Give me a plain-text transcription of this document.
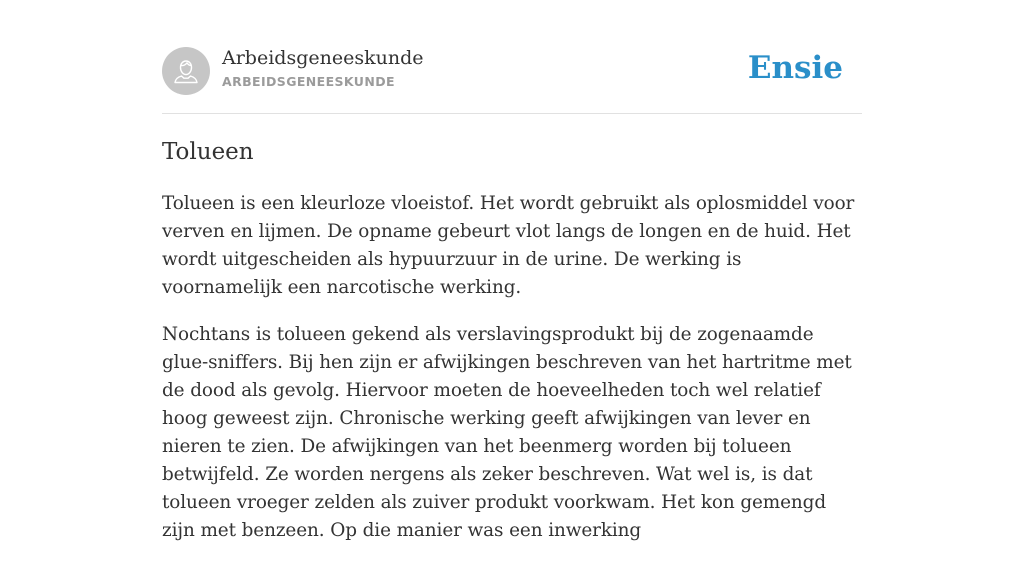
Arbeidsgeneeskunde
ARBEIDSGENEESKUNDE	Ensie
Tolueen

Tolueen is een kleurloze vloeistof. Het wordt gebruikt als oplosmiddel voor verven en lijmen. De opname gebeurt vlot langs de longen en de huid. Het wordt uitgescheiden als hypuurzuur in de urine. De werking is voornamelijk een narcotische werking.

Nochtans is tolueen gekend als verslavingsprodukt bij de zogenaamde glue-sniffers. Bij hen zijn er afwijkingen beschreven van het hartritme met de dood als gevolg. Hiervoor moeten de hoeveelheden toch wel relatief hoog geweest zijn. Chronische werking geeft afwijkingen van lever en nieren te zien. De afwijkingen van het beenmerg worden bij tolueen betwijfeld. Ze worden nergens als zeker beschreven. Wat wel is, is dat tolueen vroeger zelden als zuiver produkt voorkwam. Het kon gemengd zijn met benzeen. Op die manier was een inwerking
